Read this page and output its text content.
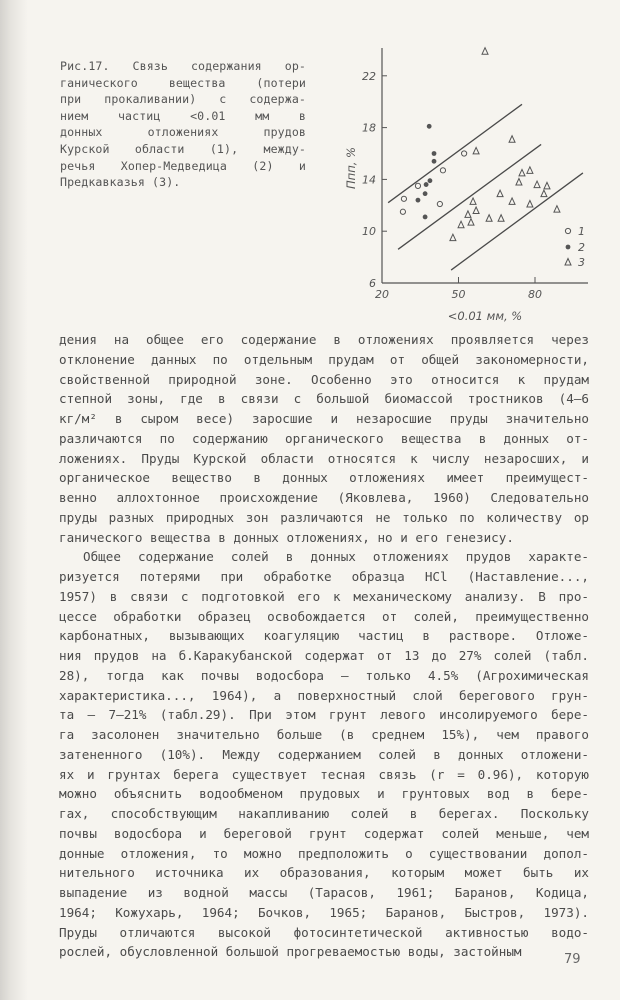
Рис.17. Связь содержания ор-
ганического вещества (потери
при прокаливании) с содержа-
нием частиц <0.01 мм в
донных отложениях прудов
Курской области (1), между-
речья Хопер-Медведица (2) и
Предкавказья (3).
6
10
14
18
22
20	50	80
<0.01 мм, %
Ппп, %
1
2
3
дения на общее его содержание в отложениях проявляется через
отклонение данных по отдельным прудам от общей закономерности,
свойственной природной зоне. Особенно это относится к прудам
степной зоны, где в связи с большой биомассой тростников (4–6
кг/м² в сыром весе) заросшие и незаросшие пруды значительно
различаются по содержанию органического вещества в донных от-
ложениях. Пруды Курской области относятся к числу незаросших, и
органическое вещество в донных отложениях имеет преимущест-
венно аллохтонное происхождение (Яковлева, 1960) Следовательно
пруды разных природных зон различаются не только по количеству ор
ганического вещества в донных отложениях, но и его генезису.
Общее содержание солей в донных отложениях прудов характе-
ризуется потерями при обработке образца HCl (Наставление...,
1957) в связи с подготовкой его к механическому анализу. В про-
цессе обработки образец освобождается от солей, преимущественно
карбонатных, вызывающих коагуляцию частиц в растворе. Отложе-
ния прудов на б.Каракубанской содержат от 13 до 27% солей (табл.
28), тогда как почвы водосбора – только 4.5% (Агрохимическая
характеристика..., 1964), а поверхностный слой берегового грун-
та – 7–21% (табл.29). При этом грунт левого инсолируемого бере-
га засолонен значительно больше (в среднем 15%), чем правого
затененного (10%). Между содержанием солей в донных отложени-
ях и грунтах берега существует тесная связь (r = 0.96), которую
можно объяснить водообменом прудовых и грунтовых вод в бере-
гах, способствующим накапливанию солей в берегах. Поскольку
почвы водосбора и береговой грунт содержат солей меньше, чем
донные отложения, то можно предположить о существовании допол-
нительного источника их образования, которым может быть их
выпадение из водной массы (Тарасов, 1961; Баранов, Кодица,
1964; Кожухарь, 1964; Бочков, 1965; Баранов, Быстров, 1973).
Пруды отличаются высокой фотосинтетической активностью водо-
рослей, обусловленной большой прогреваемостью воды, застойным
79
